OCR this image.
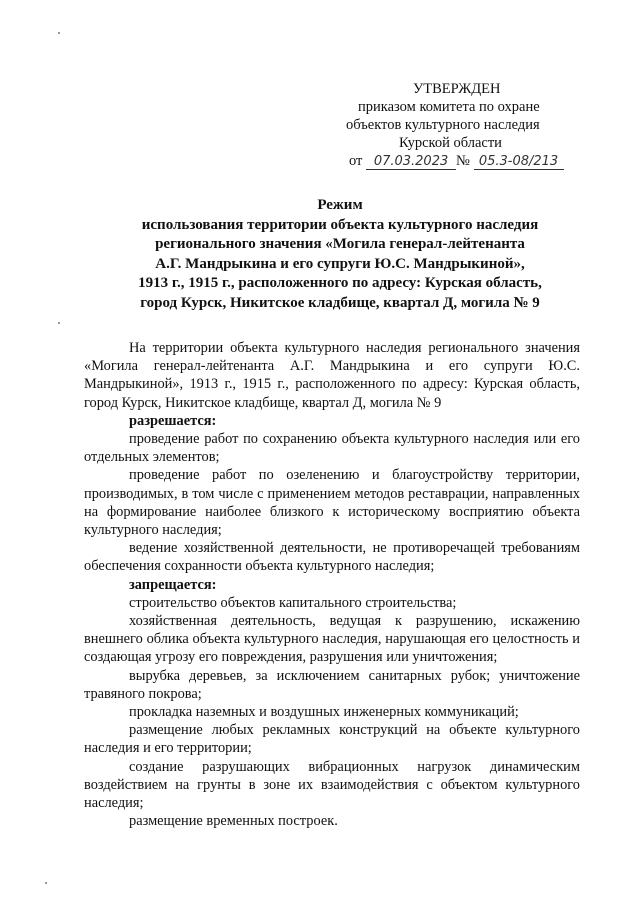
УТВЕРЖДЕН
приказом комитета по охране
объектов культурного наследия
Курской области
от 07.03.2023 № 05.3-08/213
Режим
использования территории объекта культурного наследия
регионального значения «Могила генерал-лейтенанта
А.Г. Мандрыкина и его супруги Ю.С. Мандрыкиной»,
1913 г., 1915 г., расположенного по адресу: Курская область,
город Курск, Никитское кладбище, квартал Д, могила № 9

На территории объекта культурного наследия регионального значения «Могила генерал-лейтенанта А.Г. Мандрыкина и его супруги Ю.С. Мандрыкиной», 1913 г., 1915 г., расположенного по адресу: Курская область, город Курск, Никитское кладбище, квартал Д, могила № 9

разрешается:

проведение работ по сохранению объекта культурного наследия или его отдельных элементов;

проведение работ по озеленению и благоустройству территории, производимых, в том числе с применением методов реставрации, направленных на формирование наиболее близкого к историческому восприятию объекта культурного наследия;

ведение хозяйственной деятельности, не противоречащей требованиям обеспечения сохранности объекта культурного наследия;

запрещается:

строительство объектов капитального строительства;

хозяйственная деятельность, ведущая к разрушению, искажению внешнего облика объекта культурного наследия, нарушающая его целостность и создающая угрозу его повреждения, разрушения или уничтожения;

вырубка деревьев, за исключением санитарных рубок; уничтожение травяного покрова;

прокладка наземных и воздушных инженерных коммуникаций;

размещение любых рекламных конструкций на объекте культурного наследия и его территории;

создание разрушающих вибрационных нагрузок динамическим воздействием на грунты в зоне их взаимодействия с объектом культурного наследия;

размещение временных построек.
